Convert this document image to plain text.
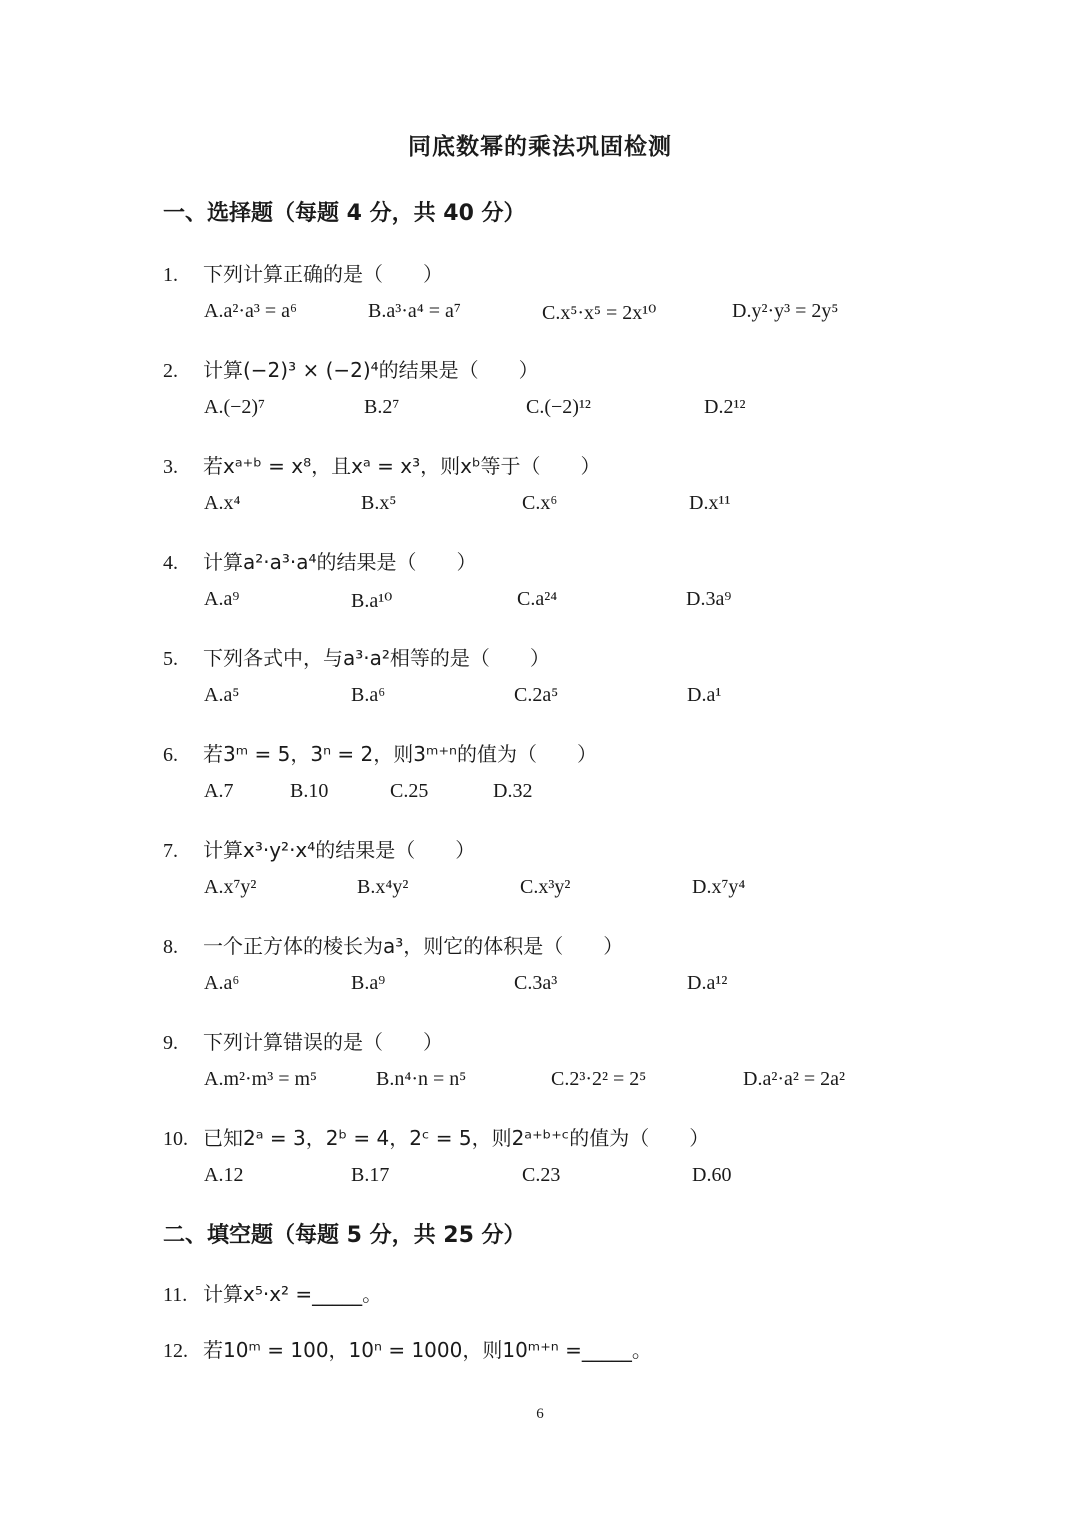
同底数幂的乘法巩固检测
一、选择题（每题 4 分，共 40 分）
1. 下列计算正确的是（　　）
A.a²·a³ = a⁶	B.a³·a⁴ = a⁷	C.x⁵·x⁵ = 2x¹⁰	D.y²·y³ = 2y⁵
2. 计算(−2)³ × (−2)⁴的结果是（　　）
A.(−2)⁷	B.2⁷	C.(−2)¹²	D.2¹²
3. 若xᵃ⁺ᵇ = x⁸，且xᵃ = x³，则xᵇ等于（　　）
A.x⁴	B.x⁵	C.x⁶	D.x¹¹
4. 计算a²·a³·a⁴的结果是（　　）
A.a⁹	B.a¹⁰	C.a²⁴	D.3a⁹
5. 下列各式中，与a³·a²相等的是（　　）
A.a⁵	B.a⁶	C.2a⁵	D.a¹
6. 若3ᵐ = 5，3ⁿ = 2，则3ᵐ⁺ⁿ的值为（　　）
A.7	B.10	C.25	D.32
7. 计算x³·y²·x⁴的结果是（　　）
A.x⁷y²	B.x⁴y²	C.x³y²	D.x⁷y⁴
8. 一个正方体的棱长为a³，则它的体积是（　　）
A.a⁶	B.a⁹	C.3a³	D.a¹²
9. 下列计算错误的是（　　）
A.m²·m³ = m⁵	B.n⁴·n = n⁵	C.2³·2² = 2⁵	D.a²·a² = 2a²
10. 已知2ᵃ = 3，2ᵇ = 4，2ᶜ = 5，则2ᵃ⁺ᵇ⁺ᶜ的值为（　　）
A.12	B.17	C.23	D.60
二、填空题（每题 5 分，共 25 分）
11. 计算x⁵·x² =_____。
12. 若10ᵐ = 100，10ⁿ = 1000，则10ᵐ⁺ⁿ =_____。
6
